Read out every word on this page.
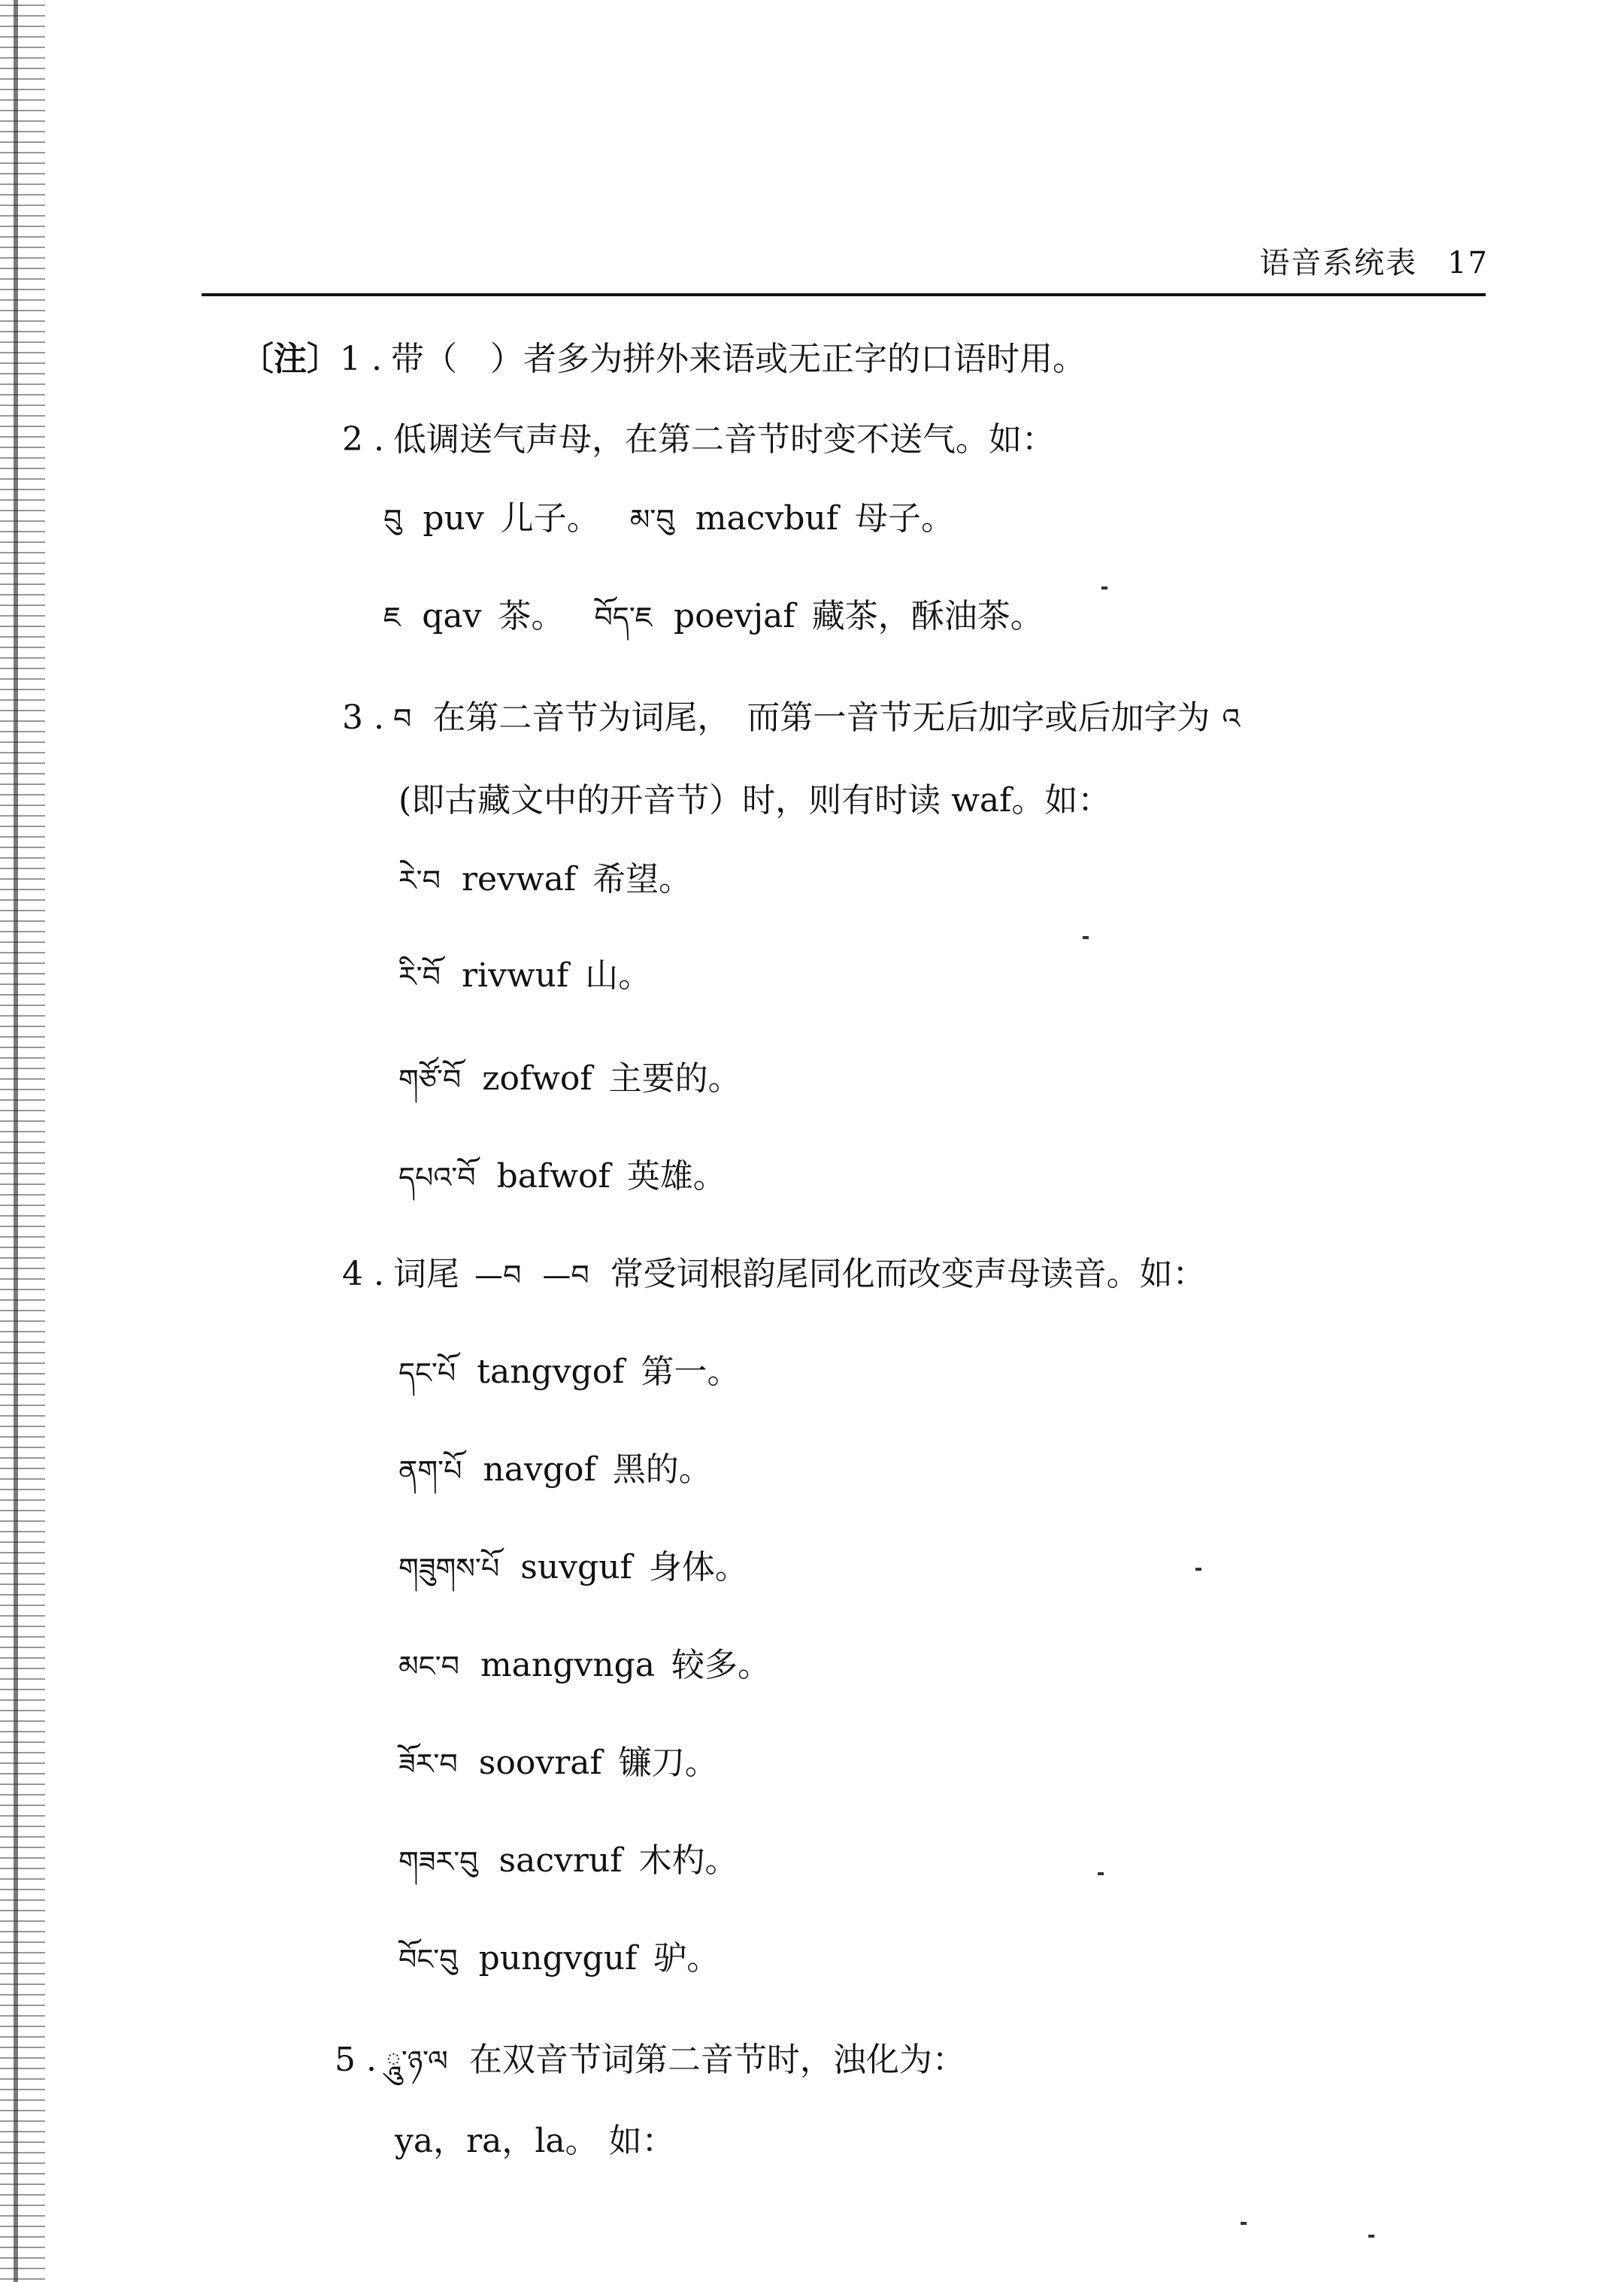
语音系统表 17
〔注〕1 . 带（　）者多为拼外来语或无正字的口语时用。
2 . 低调送气声母，在第二音节时变不送气。如：
བུ puv 儿子。 མ་བུ macvbuf 母子。
ཇ qav 茶。 བོད་ཇ poevjaf 藏茶，酥油茶。
3 . བ 在第二音节为词尾，　而第一音节无后加字或后加字为 འ
(即古藏文中的开音节）时，则有时读 waf。如：
རེ་བ revwaf 希望。
རི་བོ rivwuf 山。
གཙོ་བོ zofwof 主要的。
དཔའ་བོ bafwof 英雄。
4 . 词尾 —བ —བ 常受词根韵尾同化而改变声母读音。如：
དང་པོ tangvgof 第一。
ནག་པོ navgof 黑的。
གཟུགས་པོ suvguf 身体。
མང་བ mangvnga 较多。
ཟོར་བ soovraf 镰刀。
གཟར་བུ sacvruf 木杓。
བོང་བུ pungvguf 驴。
5 . ཱུ་ཉ་ལ 在双音节词第二音节时，浊化为：
ya，ra，la。 如：
